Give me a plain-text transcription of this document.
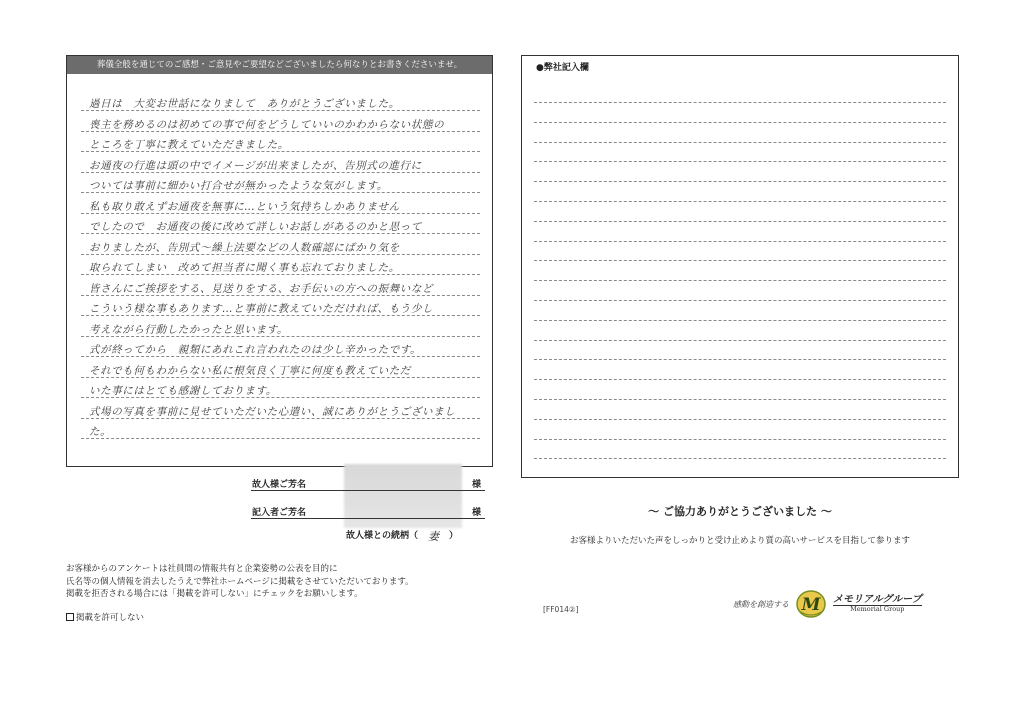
葬儀全般を通じてのご感想・ご意見やご要望などございましたら何なりとお書きくださいませ。
過日は　大変お世話になりまして　ありがとうございました。
喪主を務めるのは初めての事で何をどうしていいのかわからない状態の
ところを丁寧に教えていただきました。
お通夜の行進は頭の中でイメージが出来ましたが、告別式の進行に
ついては事前に細かい打合せが無かったような気がします。
私も取り敢えずお通夜を無事に…という気持ちしかありません
でしたので　お通夜の後に改めて詳しいお話しがあるのかと思って
おりましたが、告別式～繰上法要などの人数確認にばかり気を
取られてしまい　改めて担当者に聞く事も忘れておりました。
皆さんにご挨拶をする、見送りをする、お手伝いの方への振舞いなど
こういう様な事もあります…と事前に教えていただければ、もう少し
考えながら行動したかったと思います。
式が終ってから　親類にあれこれ言われたのは少し辛かったです。
それでも何もわからない私に根気良く丁寧に何度も教えていただ
いた事にはとても感謝しております。
式場の写真を事前に見せていただいた心遣い、誠にありがとうございまし
た。
故人様ご芳名	様
記入者ご芳名	様
故人様との続柄（ 妻 ）
●弊社記入欄
～ ご協力ありがとうございました ～
お客様よりいただいた声をしっかりと受け止めより質の高いサービスを目指して参ります
お客様からのアンケートは社員間の情報共有と企業姿勢の公表を目的に
氏名等の個人情報を消去したうえで弊社ホームページに掲載をさせていただいております。
掲載を拒否される場合には「掲載を許可しない」にチェックをお願いします。
掲載を許可しない
[FF014②]
感動を創造する M メモリアルグループ
Memorial Group
